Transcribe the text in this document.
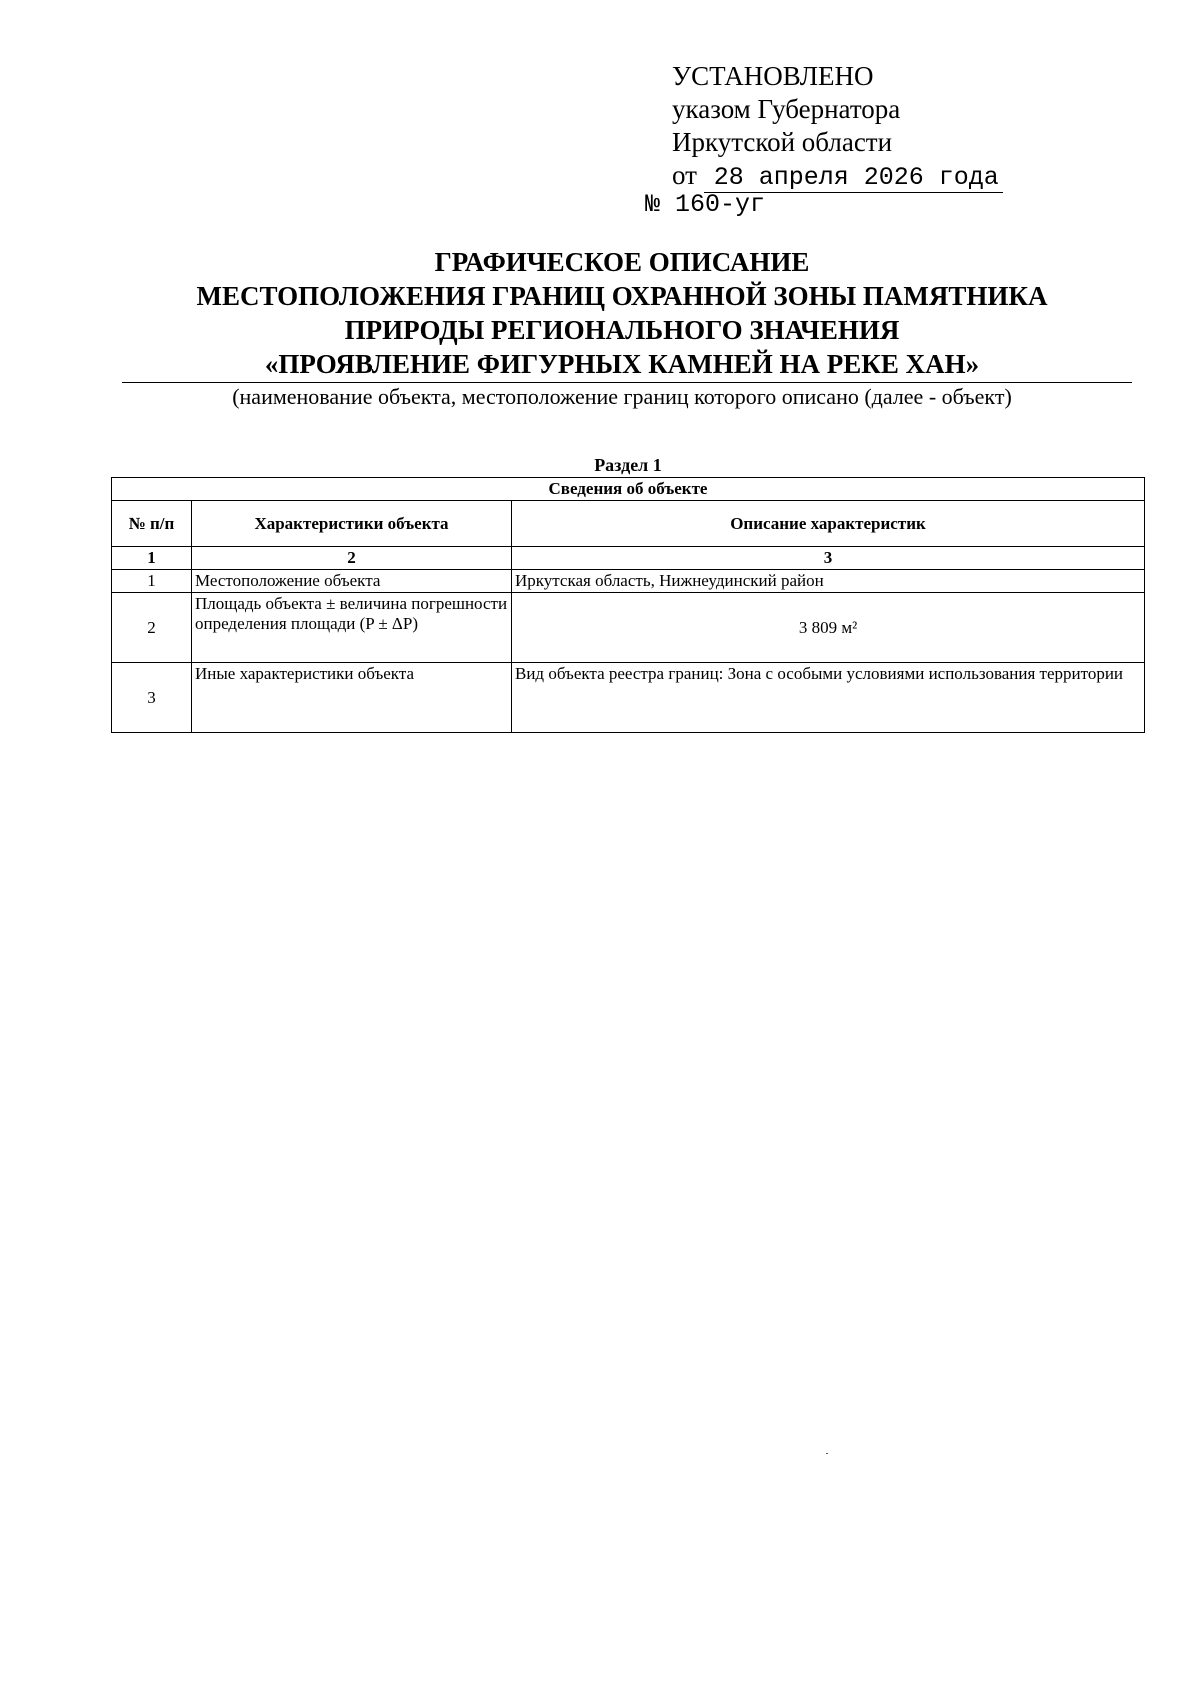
УСТАНОВЛЕНО
указом Губернатора
Иркутской области
от 28 апреля 2026 года
№ 160-уг
ГРАФИЧЕСКОЕ ОПИСАНИЕ
МЕСТОПОЛОЖЕНИЯ ГРАНИЦ ОХРАННОЙ ЗОНЫ ПАМЯТНИКА
ПРИРОДЫ РЕГИОНАЛЬНОГО ЗНАЧЕНИЯ
«ПРОЯВЛЕНИЕ ФИГУРНЫХ КАМНЕЙ НА РЕКЕ ХАН»
(наименование объекта, местоположение границ которого описано (далее - объект)
Раздел 1
Сведения об объекте		
№ п/п	Характеристики объекта	Описание характеристик
1	2	3
1	Местоположение объекта	Иркутская область, Нижнеудинский район
2	Площадь объекта ± величина погрешности определения площади (P ± ΔP)	3 809 м²
3	Иные характеристики объекта	Вид объекта реестра границ: Зона с особыми условиями использования территории
